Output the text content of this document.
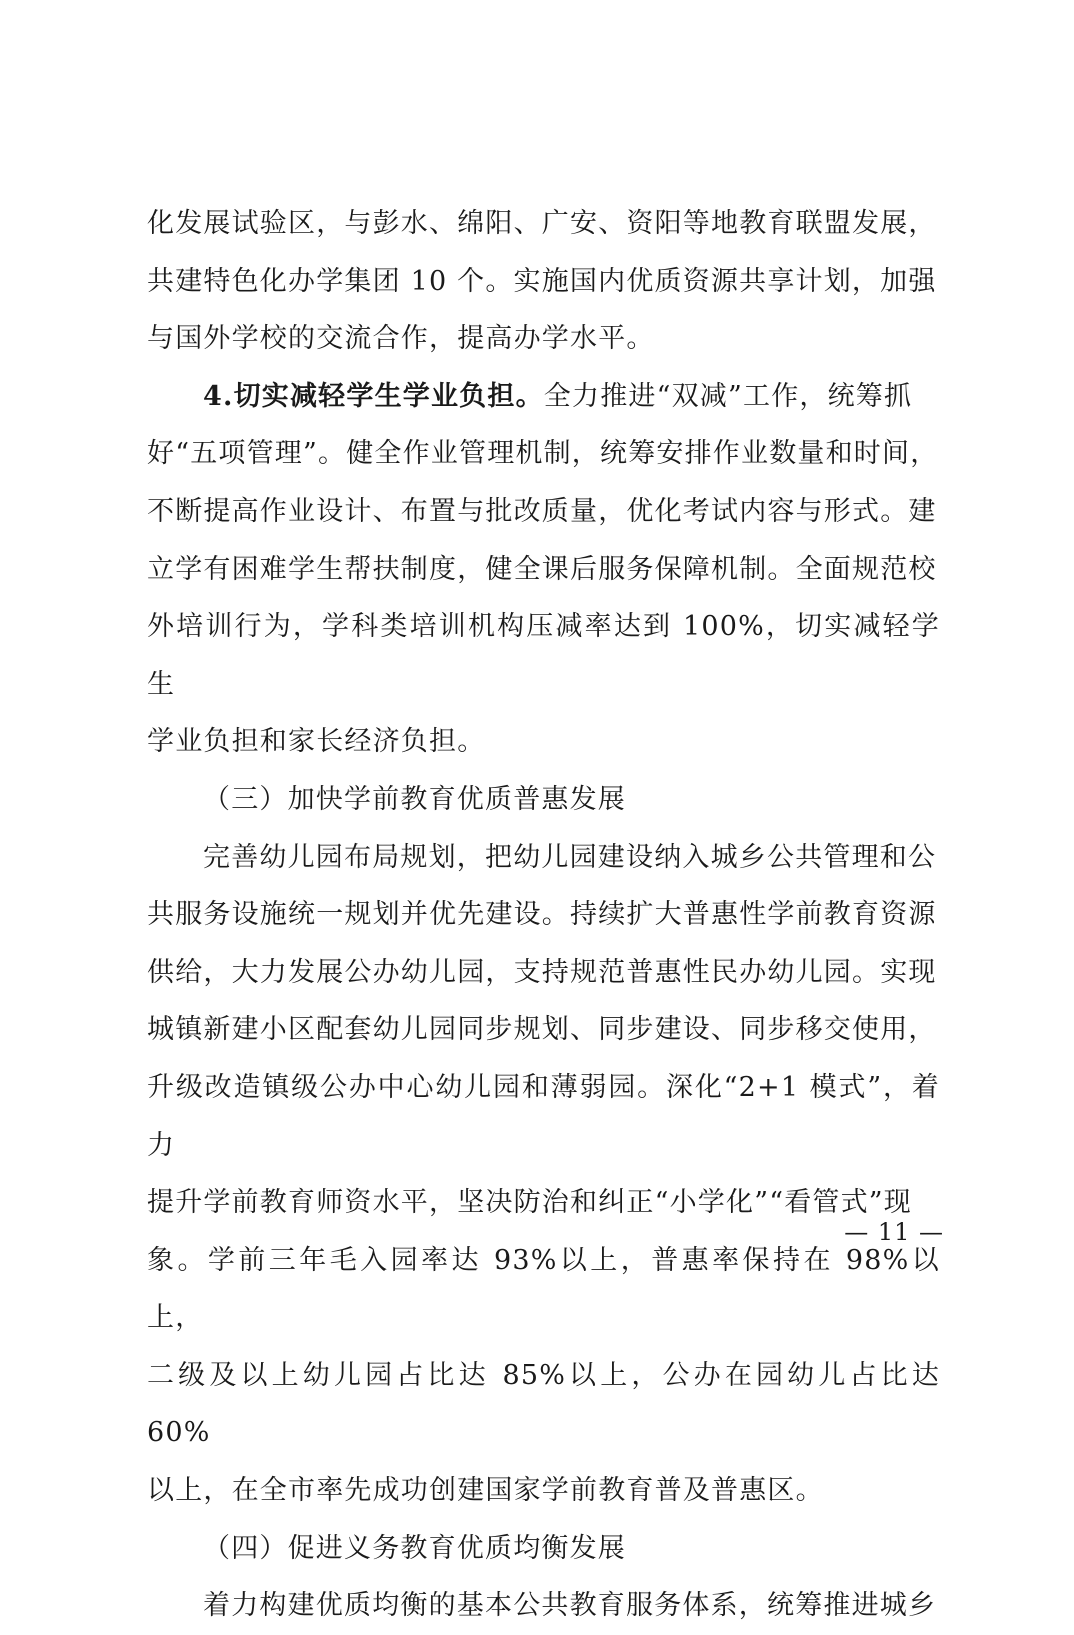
化发展试验区，与彭水、绵阳、广安、资阳等地教育联盟发展，
共建特色化办学集团 10 个。实施国内优质资源共享计划，加强
与国外学校的交流合作，提高办学水平。

4.切实减轻学生学业负担。全力推进“双减”工作，统筹抓
好“五项管理”。健全作业管理机制，统筹安排作业数量和时间，
不断提高作业设计、布置与批改质量，优化考试内容与形式。建
立学有困难学生帮扶制度，健全课后服务保障机制。全面规范校
外培训行为，学科类培训机构压减率达到 100%，切实减轻学生
学业负担和家长经济负担。

（三）加快学前教育优质普惠发展

完善幼儿园布局规划，把幼儿园建设纳入城乡公共管理和公
共服务设施统一规划并优先建设。持续扩大普惠性学前教育资源
供给，大力发展公办幼儿园，支持规范普惠性民办幼儿园。实现
城镇新建小区配套幼儿园同步规划、同步建设、同步移交使用，
升级改造镇级公办中心幼儿园和薄弱园。深化“2+1 模式”，着力
提升学前教育师资水平，坚决防治和纠正“小学化”“看管式”现
象。学前三年毛入园率达 93%以上，普惠率保持在 98%以上，
二级及以上幼儿园占比达 85%以上，公办在园幼儿占比达 60%
以上，在全市率先成功创建国家学前教育普及普惠区。

（四）促进义务教育优质均衡发展

着力构建优质均衡的基本公共教育服务体系，统筹推进城乡

— 11 —
